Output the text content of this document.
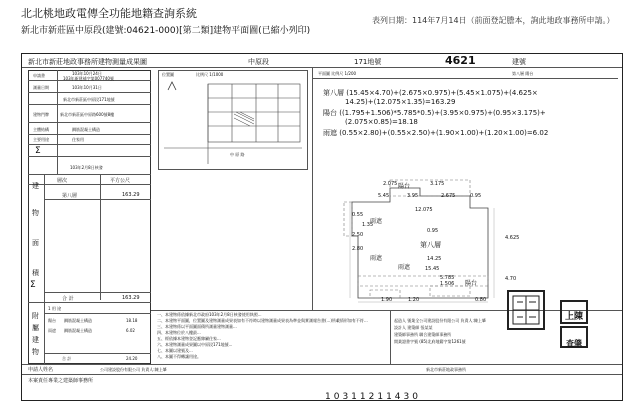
北北桃地政電傳全功能地籍查詢系統
新北市新莊區中原段(建號:04621-000)[第二類]建物平面圖(已縮小列印)
表列日期：114年7月14日（前面登記謄本，詢此地政事務所申請。）
新北市新莊地政事務所建物測量成果圖	中原段	171地號	4621	建號
申請書	103年10月24日
103年新建補字第007740號
測量日期	103年10月31日
新北市新莊區中原段171地號
建物門牌	新北市新莊區中原路600號8樓
主體結構	鋼筋混凝土構造
主要用途	住家用
103年2月8日核發
Σ
層次	平方公尺
第八層	163.29
建
物
面
積
Σ
合 計	163.29
1 用 途
陽台 鋼筋混凝土構造	18.18
雨遮 鋼筋混凝土構造	6.02
附
屬
建
物
合 計	24.20
位置圖	比例尺 1/1000
中 原 路
平面圖 比例尺 1/200	第八層 陽台
第八層 (15.45×4.70)+(2.675×0.975)+(5.45×1.075)+(4.625×
14.25)+(12.075×1.35)=163.29
陽台 ((1.795+1.506)*5.785*0.5)+(3.95×0.975)+(0.95×3.175)+
(2.075×0.85)=18.18
雨遮 (0.55×2.80)+(0.55×2.50)+(1.90×1.00)+(1.20×1.00)=6.02
陽台
2.075	3.175
5.45	3.95	2.675	0.95
12.075
雨遮
0.55
2.50
2.80
1.35
第八層
雨遮	14.25
4.625
4.70
雨遮	15.45
5.785
1.506 陽台
1.90	1.20	0.80
0.95
一、本建物係依據新北市政府103年2月8日核發使用執照...
二、本建物平面圖，位置圖及建物測量成果表如有不符時以建物測量成果表為準並與實測報告書(...)所載情形如有不符...
三、本建物係以平面圖面積所測量建物測量...
四、本建物位於八樓最...
五、經依據本建物登記應隸屬住家...
六、本建物測量成果圖以中原段171地號...
七、本圖以建號及...
八、本圖不得轉讓用途。
起造人 號業全公司建設股份有限公司 負責人:陳上肇
設計人 建築師 張某某
建築師事務所 聯合建築師事務所
開業證書字號 (85)北府地籍字第1261號
上陳
查肇
申請人姓名	公司建設股份有限公司 負責人:陳上肇
本案責任專業之建築師事務所
新北市新莊地政事務所
10311211430
